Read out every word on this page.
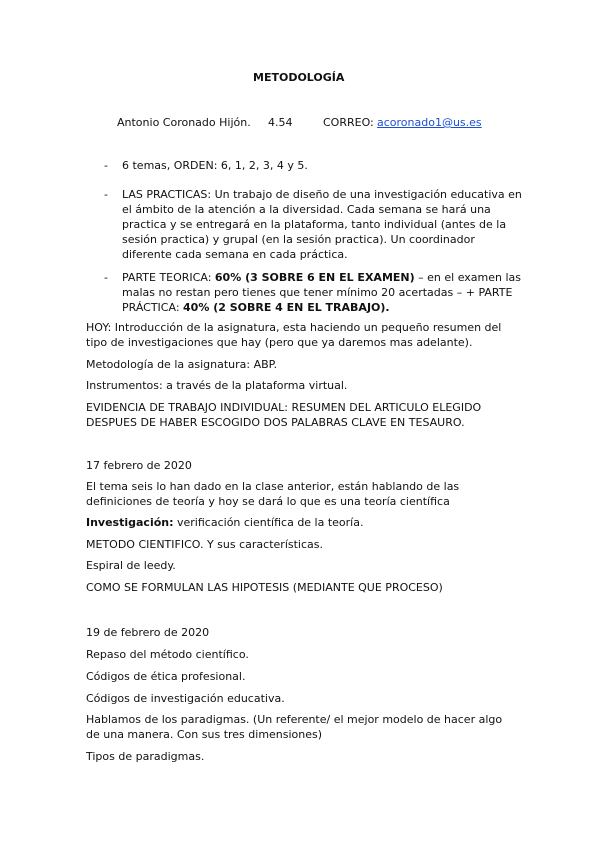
METODOLOGÍA
Antonio Coronado Hijón. 4.54	CORREO: acoronado1@us.es
- 6 temas, ORDEN: 6, 1, 2, 3, 4 y 5.
- LAS PRACTICAS: Un trabajo de diseño de una investigación educativa en el ámbito de la atención a la diversidad. Cada semana se hará una practica y se entregará en la plataforma, tanto individual (antes de la sesión practica) y grupal (en la sesión practica). Un coordinador diferente cada semana en cada práctica.
- PARTE TEORICA: 60% (3 SOBRE 6 EN EL EXAMEN) – en el examen las malas no restan pero tienes que tener mínimo 20 acertadas – + PARTE PRÁCTICA: 40% (2 SOBRE 4 EN EL TRABAJO).
HOY: Introducción de la asignatura, esta haciendo un pequeño resumen del tipo de investigaciones que hay (pero que ya daremos mas adelante).
Metodología de la asignatura: ABP.
Instrumentos: a través de la plataforma virtual.
EVIDENCIA DE TRABAJO INDIVIDUAL: RESUMEN DEL ARTICULO ELEGIDO DESPUES DE HABER ESCOGIDO DOS PALABRAS CLAVE EN TESAURO.
17 febrero de 2020
El tema seis lo han dado en la clase anterior, están hablando de las definiciones de teoría y hoy se dará lo que es una teoría científica
Investigación: verificación científica de la teoría.
METODO CIENTIFICO. Y sus características.
Espiral de leedy.
COMO SE FORMULAN LAS HIPOTESIS (MEDIANTE QUE PROCESO)
19 de febrero de 2020
Repaso del método científico.
Códigos de ética profesional.
Códigos de investigación educativa.
Hablamos de los paradigmas. (Un referente/ el mejor modelo de hacer algo de una manera. Con sus tres dimensiones)
Tipos de paradigmas.
